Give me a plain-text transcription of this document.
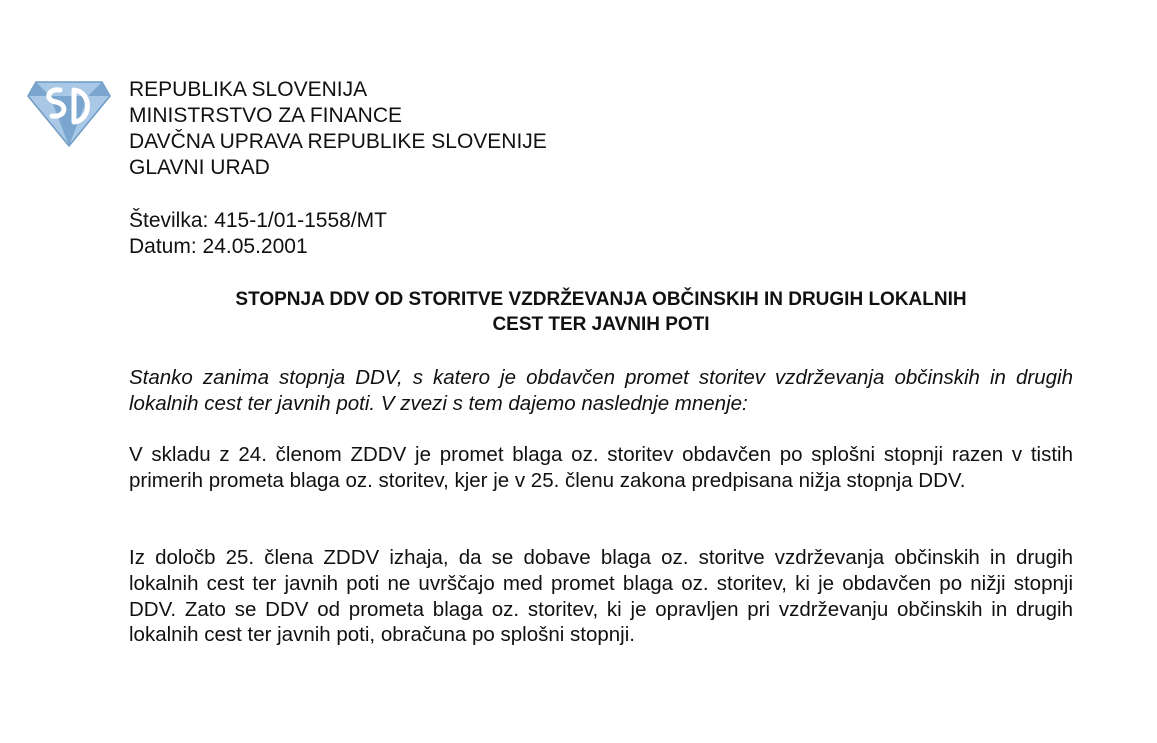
REPUBLIKA SLOVENIJA
MINISTRSTVO ZA FINANCE
DAVČNA UPRAVA REPUBLIKE SLOVENIJE
GLAVNI URAD
Številka: 415-1/01-1558/MT
Datum: 24.05.2001
STOPNJA DDV OD STORITVE VZDRŽEVANJA OBČINSKIH IN DRUGIH LOKALNIH
CEST TER JAVNIH POTI
Stanko zanima stopnja DDV, s katero je obdavčen promet storitev vzdrževanja občinskih in drugih lokalnih cest ter javnih poti. V zvezi s tem dajemo naslednje mnenje:
V skladu z 24. členom ZDDV je promet blaga oz. storitev obdavčen po splošni stopnji razen v tistih primerih prometa blaga oz. storitev, kjer je v 25. členu zakona predpisana nižja stopnja DDV.
Iz določb 25. člena ZDDV izhaja, da se dobave blaga oz. storitve vzdrževanja občinskih in drugih lokalnih cest ter javnih poti ne uvrščajo med promet blaga oz. storitev, ki je obdavčen po nižji stopnji DDV. Zato se DDV od prometa blaga oz. storitev, ki je opravljen pri vzdrževanju občinskih in drugih lokalnih cest ter javnih poti, obračuna po splošni stopnji.
